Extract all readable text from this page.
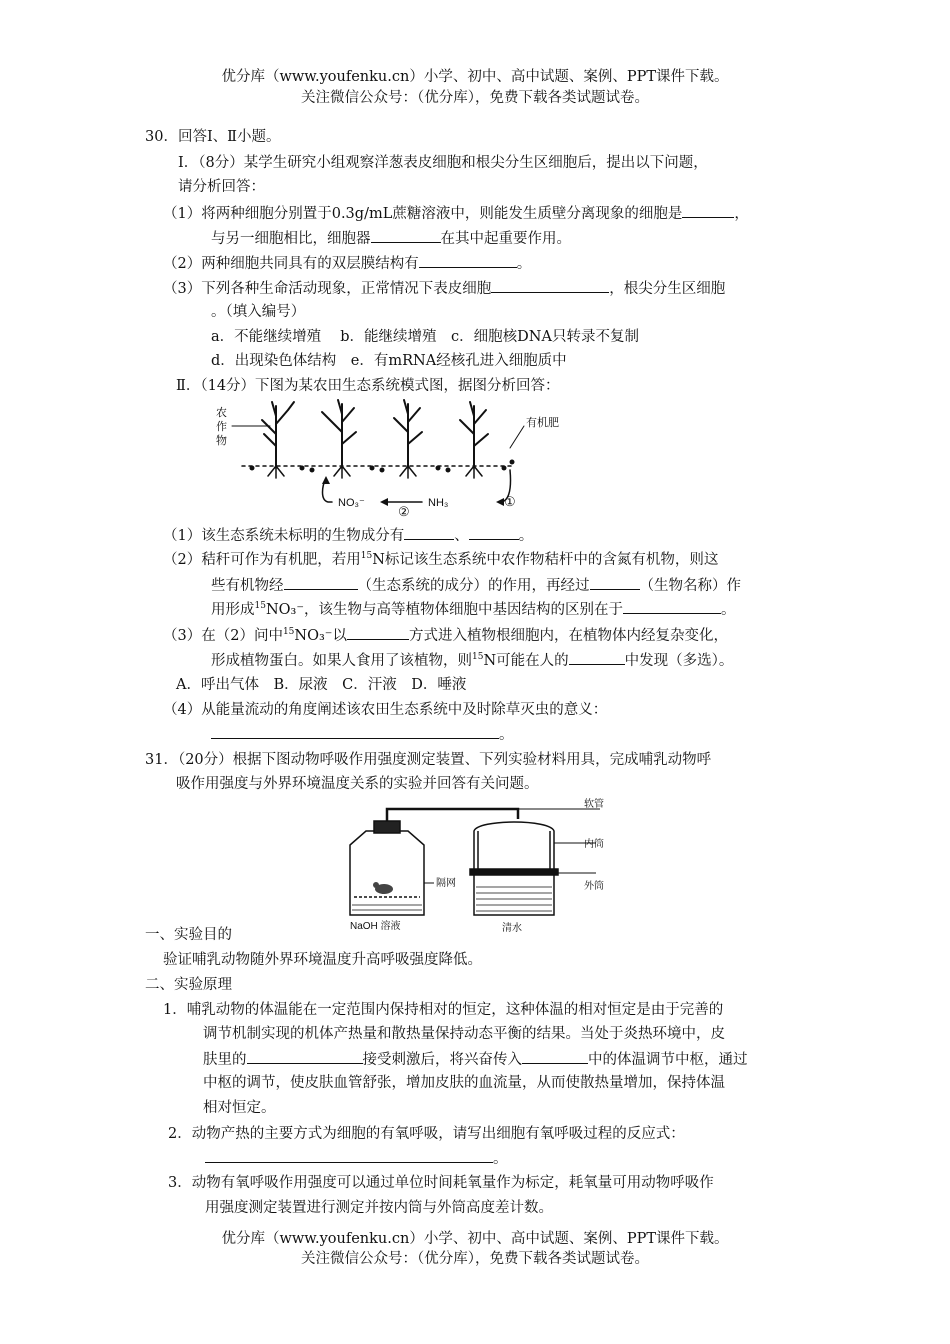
优分库（www.youfenku.cn）小学、初中、高中试题、案例、PPT课件下载。
关注微信公众号：（优分库），免费下载各类试题试卷。
30．回答Ⅰ、Ⅱ小题。
Ⅰ．（8分）某学生研究小组观察洋葱表皮细胞和根尖分生区细胞后，提出以下问题，
请分析回答：
（1）将两种细胞分别置于0.3g/mL蔗糖溶液中，则能发生质壁分离现象的细胞是	，
与另一细胞相比，细胞器	在其中起重要作用。
（2）两种细胞共同具有的双层膜结构有	。
（3）下列各种生命活动现象，正常情况下表皮细胞	，根尖分生区细胞
。（填入编号）
a．不能继续增殖　 b．能继续增殖　c．细胞核DNA只转录不复制
d．出现染色体结构　e．有mRNA经核孔进入细胞质中
Ⅱ．（14分）下图为某农田生态系统模式图，据图分析回答：
农
作
物
有机肥
NO₃⁻	NH₃	①
②
（1）该生态系统未标明的生物成分有	、	。
（2）秸秆可作为有机肥，若用$^{15}$N标记该生态系统中农作物秸杆中的含氮有机物，则这
些有机物经	（生态系统的成分）的作用，再经过	（生物名称）作
用形成$^{15}$NO₃⁻，该生物与高等植物体细胞中基因结构的区别在于	。
（3）在（2）问中$^{15}$NO₃⁻以	方式进入植物根细胞内，在植物体内经复杂变化，
形成植物蛋白。如果人食用了该植物，则$^{15}$N可能在人的	中发现（多选）。
A．呼出气体　B．尿液　C．汗液　D．唾液
（4）从能量流动的角度阐述该农田生态系统中及时除草灭虫的意义：
。
31．（20分）根据下图动物呼吸作用强度测定装置、下列实验材料用具，完成哺乳动物呼
吸作用强度与外界环境温度关系的实验并回答有关问题。
软管
内筒
隔网	外筒
NaOH 溶液	清水
一、实验目的
验证哺乳动物随外界环境温度升高呼吸强度降低。
二、实验原理
1．哺乳动物的体温能在一定范围内保持相对的恒定，这种体温的相对恒定是由于完善的
调节机制实现的机体产热量和散热量保持动态平衡的结果。当处于炎热环境中，皮
肤里的	接受刺激后，将兴奋传入	中的体温调节中枢，通过
中枢的调节，使皮肤血管舒张，增加皮肤的血流量，从而使散热量增加，保持体温
相对恒定。
2．动物产热的主要方式为细胞的有氧呼吸，请写出细胞有氧呼吸过程的反应式：
。
3．动物有氧呼吸作用强度可以通过单位时间耗氧量作为标定，耗氧量可用动物呼吸作
用强度测定装置进行测定并按内筒与外筒高度差计数。
优分库（www.youfenku.cn）小学、初中、高中试题、案例、PPT课件下载。
关注微信公众号：（优分库），免费下载各类试题试卷。
